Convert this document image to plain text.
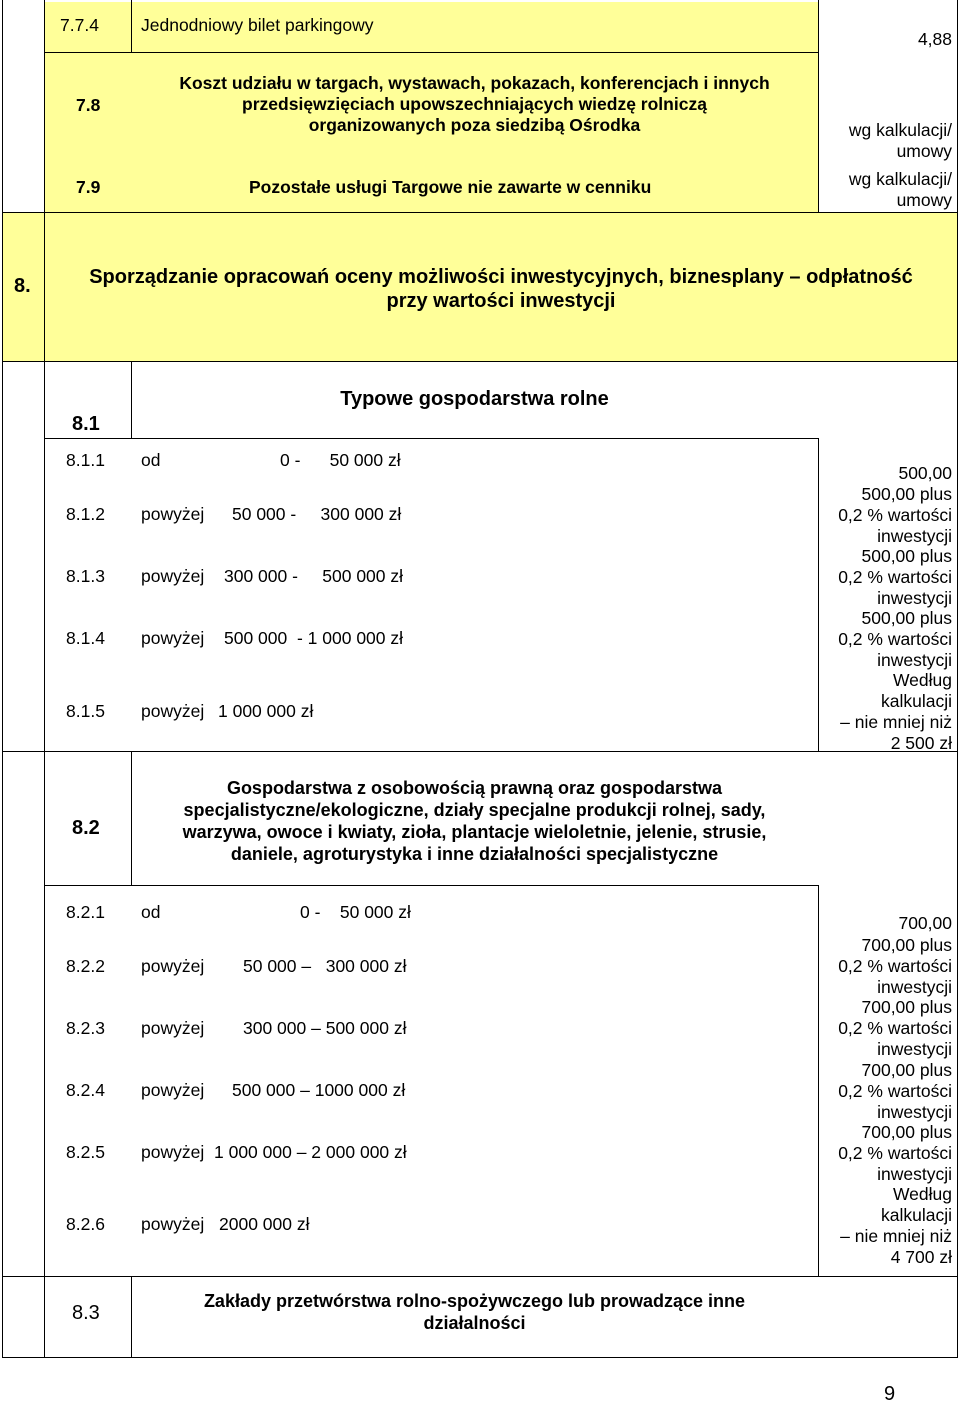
7.7.4 Jednodniowy bilet parkingowy
4,88
7.8
Koszt udziału w targach, wystawach, pokazach, konferencjach i innych
przedsięwzięciach upowszechniających wiedzę rolniczą
organizowanych poza siedzibą Ośrodka	wg kalkulacji/
umowy
7.9	Pozostałe usługi Targowe nie zawarte w cenniku	wg kalkulacji/
umowy
8.	Sporządzanie opracowań oceny możliwości inwestycyjnych, biznesplany – odpłatność
przy wartości inwestycji
8.1
Typowe gospodarstwa rolne
8.1.1 od	0 -      50 000 zł
500,00
8.1.2 powyżej 50 000 -     300 000 zł
500,00 plus
0,2 % wartości
inwestycji
8.1.3 powyżej 300 000 -     500 000 zł
500,00 plus
0,2 % wartości
inwestycji
8.1.4 powyżej 500 000  - 1 000 000 zł
500,00 plus
0,2 % wartości
inwestycji
8.1.5 powyżej 1 000 000 zł
Według
kalkulacji
– nie mniej niż
2 500 zł
8.2
Gospodarstwa z osobowością prawną oraz gospodarstwa
specjalistyczne/ekologiczne, działy specjalne produkcji rolnej, sady,
warzywa, owoce i kwiaty, zioła, plantacje wieloletnie, jelenie, strusie,
daniele, agroturystyka i inne działalności specjalistyczne
8.2.1 od	0 -    50 000 zł
700,00
8.2.2 powyżej 50 000 –   300 000 zł
700,00 plus
0,2 % wartości
inwestycji
8.2.3 powyżej 300 000 – 500 000 zł
700,00 plus
0,2 % wartości
inwestycji
8.2.4 powyżej 500 000 – 1000 000 zł
700,00 plus
0,2 % wartości
inwestycji
8.2.5 powyżej 1 000 000 – 2 000 000 zł
700,00 plus
0,2 % wartości
inwestycji
8.2.6 powyżej 2000 000 zł
Według
kalkulacji
– nie mniej niż
4 700 zł
8.3
Zakłady przetwórstwa rolno-spożywczego lub prowadzące inne
działalności
9
